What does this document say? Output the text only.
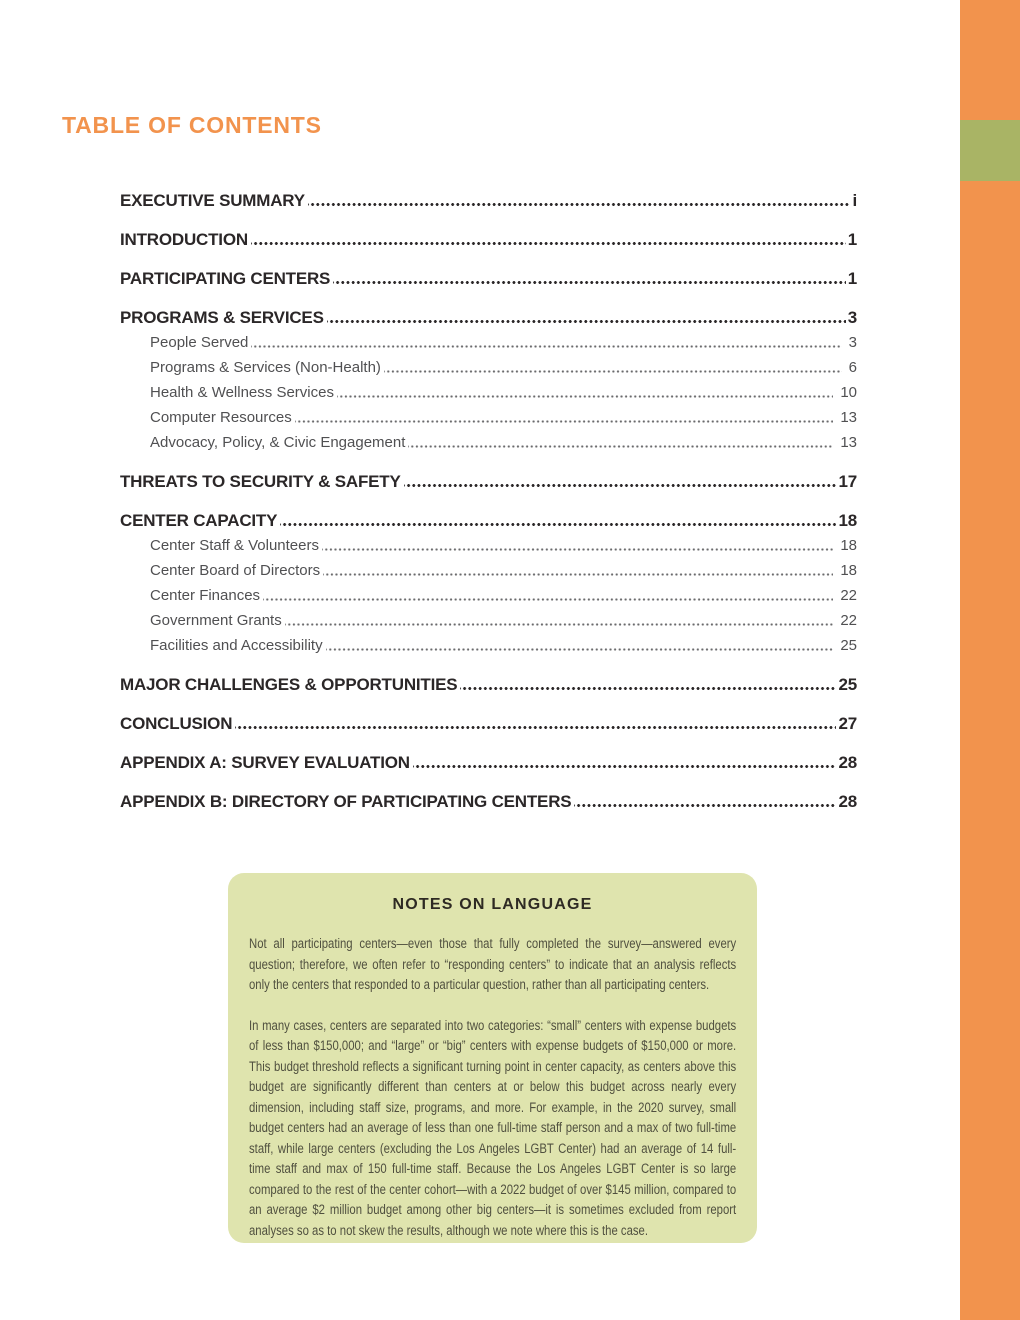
TABLE OF CONTENTS
EXECUTIVE SUMMARY	i
INTRODUCTION	1
PARTICIPATING CENTERS	1
PROGRAMS & SERVICES	3
People Served	3
Programs & Services (Non-Health)	6
Health & Wellness Services	10
Computer Resources	13
Advocacy, Policy, & Civic Engagement	13
THREATS TO SECURITY & SAFETY	17
CENTER CAPACITY	18
Center Staff & Volunteers	18
Center Board of Directors	18
Center Finances	22
Government Grants	22
Facilities and Accessibility	25
MAJOR CHALLENGES & OPPORTUNITIES	25
CONCLUSION	27
APPENDIX A: SURVEY EVALUATION	28
APPENDIX B: DIRECTORY OF PARTICIPATING CENTERS	28
NOTES ON LANGUAGE

Not all participating centers—even those that fully completed the survey—answered every question; therefore, we often refer to “responding centers” to indicate that an analysis reflects only the centers that responded to a particular question, rather than all participating centers.

In many cases, centers are separated into two categories: “small” centers with expense budgets of less than $150,000; and “large” or “big” centers with expense budgets of $150,000 or more. This budget threshold reflects a significant turning point in center capacity, as centers above this budget are significantly different than centers at or below this budget across nearly every dimension, including staff size, programs, and more. For example, in the 2020 survey, small budget centers had an average of less than one full-time staff person and a max of two full-time staff, while large centers (excluding the Los Angeles LGBT Center) had an average of 14 full-time staff and max of 150 full-time staff. Because the Los Angeles LGBT Center is so large compared to the rest of the center cohort—with a 2022 budget of over $145 million, compared to an average $2 million budget among other big centers—it is sometimes excluded from report analyses so as to not skew the results, although we note where this is the case.
